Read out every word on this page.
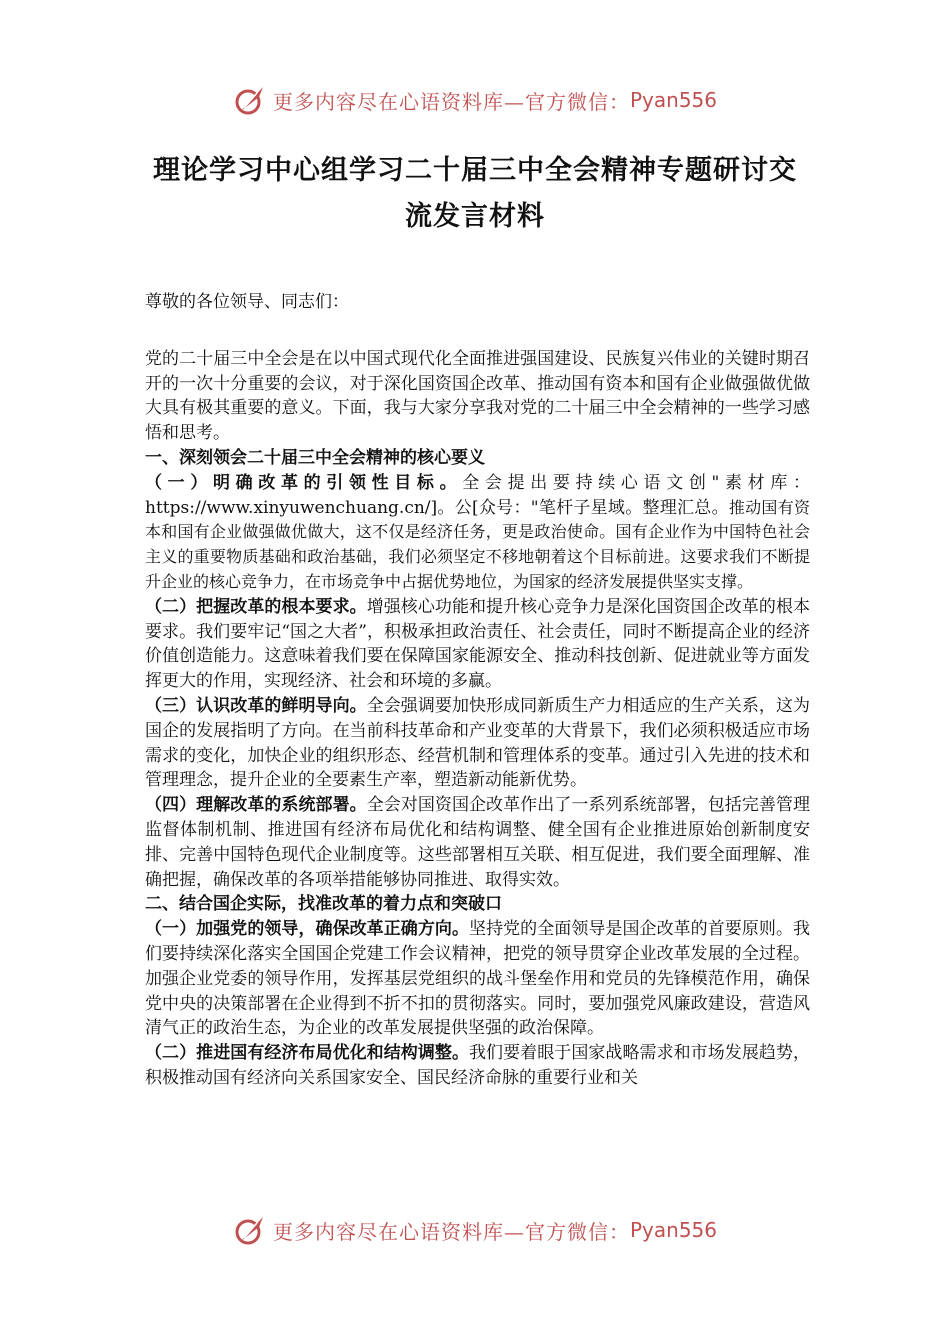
更多内容尽在心语资料库—官方微信： Pyan556
理论学习中心组学习二十届三中全会精神专题研讨交
流发言材料

尊敬的各位领导、同志们：

党的二十届三中全会是在以中国式现代化全面推进强国建设、民族复兴伟业的关键时期召开的一次十分重要的会议，对于深化国资国企改革、推动国有资本和国有企业做强做优做大具有极其重要的意义。下面，我与大家分享我对党的二十届三中全会精神的一些学习感悟和思考。

一、深刻领会二十届三中全会精神的核心要义

（一）明确改革的引领性目标。全会提出要持续心语文创"素材库：https://www.xinyuwenchuang.cn/]。公[众号："笔杆子星域。整理汇总。推动国有资本和国有企业做强做优做大，这不仅是经济任务，更是政治使命。国有企业作为中国特色社会主义的重要物质基础和政治基础，我们必须坚定不移地朝着这个目标前进。这要求我们不断提升企业的核心竞争力，在市场竞争中占据优势地位，为国家的经济发展提供坚实支撑。

（二）把握改革的根本要求。增强核心功能和提升核心竞争力是深化国资国企改革的根本要求。我们要牢记“国之大者”，积极承担政治责任、社会责任，同时不断提高企业的经济价值创造能力。这意味着我们要在保障国家能源安全、推动科技创新、促进就业等方面发挥更大的作用，实现经济、社会和环境的多赢。

（三）认识改革的鲜明导向。全会强调要加快形成同新质生产力相适应的生产关系，这为国企的发展指明了方向。在当前科技革命和产业变革的大背景下，我们必须积极适应市场需求的变化，加快企业的组织形态、经营机制和管理体系的变革。通过引入先进的技术和管理理念，提升企业的全要素生产率，塑造新动能新优势。

（四）理解改革的系统部署。全会对国资国企改革作出了一系列系统部署，包括完善管理监督体制机制、推进国有经济布局优化和结构调整、健全国有企业推进原始创新制度安排、完善中国特色现代企业制度等。这些部署相互关联、相互促进，我们要全面理解、准确把握，确保改革的各项举措能够协同推进、取得实效。

二、结合国企实际，找准改革的着力点和突破口

（一）加强党的领导，确保改革正确方向。坚持党的全面领导是国企改革的首要原则。我们要持续深化落实全国国企党建工作会议精神，把党的领导贯穿企业改革发展的全过程。加强企业党委的领导作用，发挥基层党组织的战斗堡垒作用和党员的先锋模范作用，确保党中央的决策部署在企业得到不折不扣的贯彻落实。同时，要加强党风廉政建设，营造风清气正的政治生态，为企业的改革发展提供坚强的政治保障。

（二）推进国有经济布局优化和结构调整。我们要着眼于国家战略需求和市场发展趋势，积极推动国有经济向关系国家安全、国民经济命脉的重要行业和关

更多内容尽在心语资料库—官方微信： Pyan556
